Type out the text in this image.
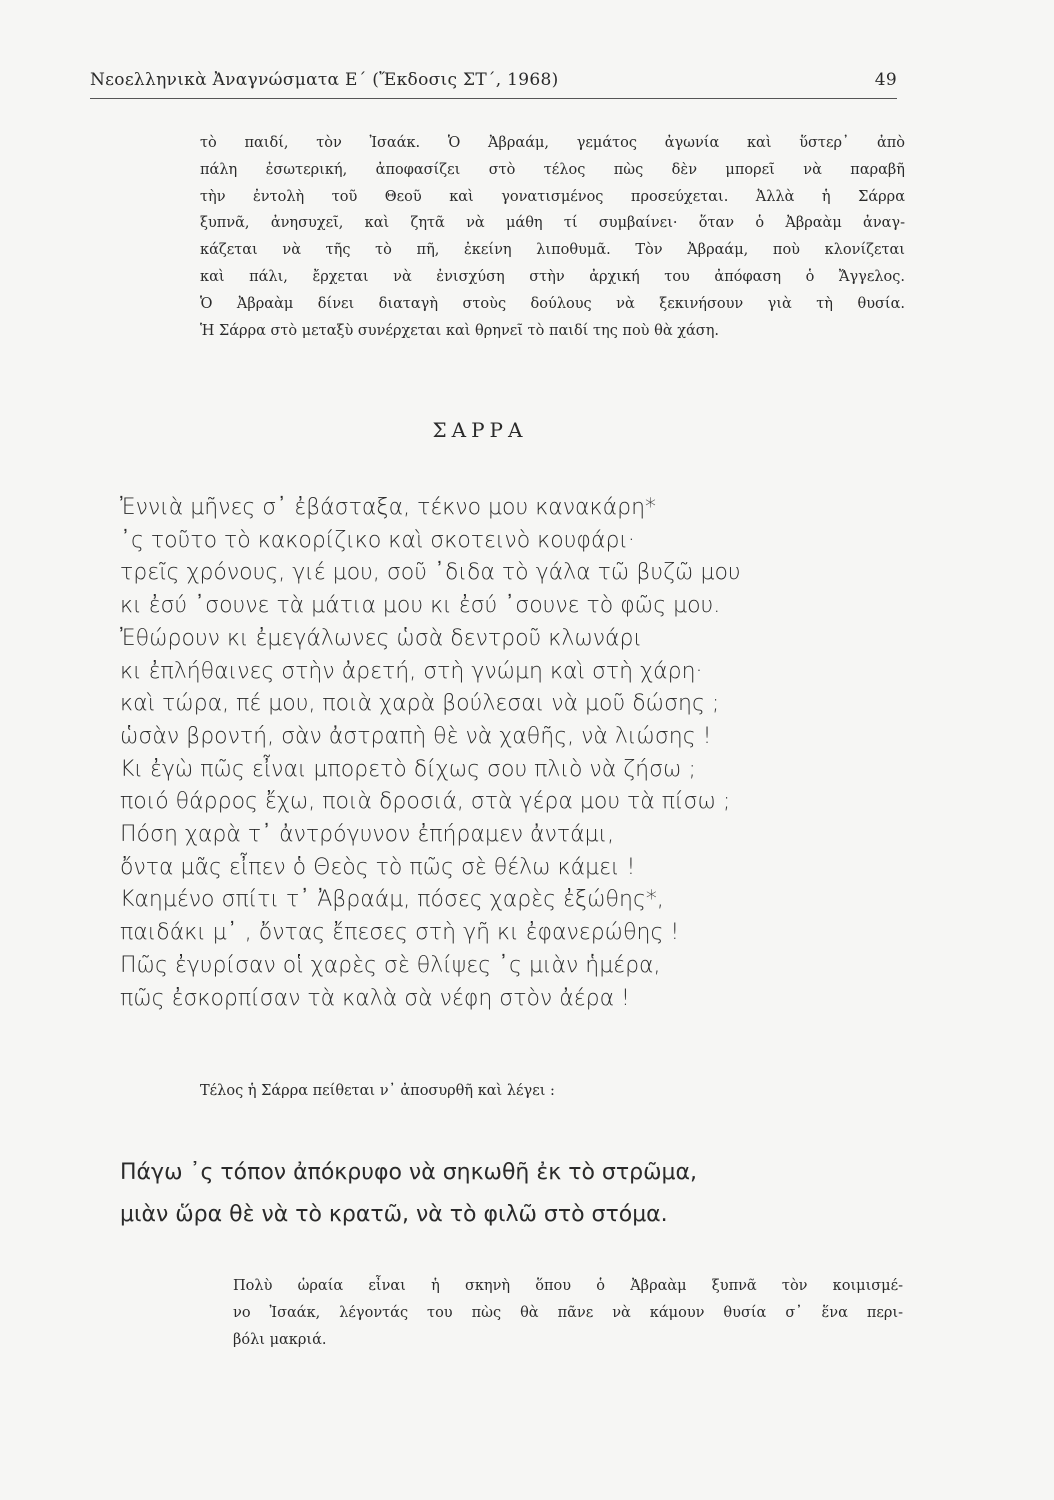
Νεοελληνικὰ Ἀναγνώσματα Ε΄ (Ἔκδοσις ΣΤ΄, 1968)	49
τὸ παιδί, τὸν Ἰσαάκ. Ὁ Ἀβραάμ, γεμάτος ἀγωνία καὶ ὕστερ᾽ ἀπὸ
πάλη ἐσωτερική, ἀποφασίζει στὸ τέλος πὼς δὲν μπορεῖ νὰ παραβῆ
τὴν ἐντολὴ τοῦ Θεοῦ καὶ γονατισμένος προσεύχεται. Ἀλλὰ ἡ Σάρρα
ξυπνᾶ, ἀνησυχεῖ, καὶ ζητᾶ νὰ μάθη τί συμβαίνει· ὅταν ὁ Ἀβραὰμ ἀναγ-
κάζεται νὰ τῆς τὸ πῆ, ἐκείνη λιποθυμᾶ. Τὸν Ἀβραάμ, ποὺ κλονίζεται
καὶ πάλι, ἔρχεται νὰ ἐνισχύση στὴν ἀρχική του ἀπόφαση ὁ Ἄγγελος.
Ὁ Ἀβραὰμ δίνει διαταγὴ στοὺς δούλους νὰ ξεκινήσουν γιὰ τὴ θυσία.
Ἡ Σάρρα στὸ μεταξὺ συνέρχεται καὶ θρηνεῖ τὸ παιδί της ποὺ θὰ χάση.
ΣΑΡΡΑ
Ἐννιὰ μῆνες σ᾽ ἐβάσταξα, τέκνο μου κανακάρη*
᾽ς τοῦτο τὸ κακορίζικο καὶ σκοτεινὸ κουφάρι·
τρεῖς χρόνους, γιέ μου, σοῦ ᾽διδα τὸ γάλα τῶ βυζῶ μου
κι ἐσύ ᾽σουνε τὰ μάτια μου κι ἐσύ ᾽σουνε τὸ φῶς μου.
Ἐθώρουν κι ἐμεγάλωνες ὡσὰ δεντροῦ κλωνάρι
κι ἐπλήθαινες στὴν ἀρετή, στὴ γνώμη καὶ στὴ χάρη·
καὶ τώρα, πέ μου, ποιὰ χαρὰ βούλεσαι νὰ μοῦ δώσης ;
ὡσὰν βροντή, σὰν ἀστραπὴ θὲ νὰ χαθῆς, νὰ λιώσης !
Κι ἐγὼ πῶς εἶναι μπορετὸ δίχως σου πλιὸ νὰ ζήσω ;
ποιό θάρρος ἔχω, ποιὰ δροσιά, στὰ γέρα μου τὰ πίσω ;
Πόση χαρὰ τ᾽ ἀντρόγυνον ἐπήραμεν ἀντάμι,
ὄντα μᾶς εἶπεν ὁ Θεὸς τὸ πῶς σὲ θέλω κάμει !
Καημένο σπίτι τ᾽ Ἀβραάμ, πόσες χαρὲς ἐξώθης*,
παιδάκι μ᾽ , ὄντας ἔπεσες στὴ γῆ κι ἐφανερώθης !
Πῶς ἐγυρίσαν οἱ χαρὲς σὲ θλίψες ᾽ς μιὰν ἡμέρα,
πῶς ἐσκορπίσαν τὰ καλὰ σὰ νέφη στὸν ἀέρα !
Τέλος ἡ Σάρρα πείθεται ν᾽ ἀποσυρθῆ καὶ λέγει :
Πάγω ᾽ς τόπον ἀπόκρυφο νὰ σηκωθῆ ἐκ τὸ στρῶμα,
μιὰν ὥρα θὲ νὰ τὸ κρατῶ, νὰ τὸ φιλῶ στὸ στόμα.
Πολὺ ὡραία εἶναι ἡ σκηνὴ ὅπου ὁ Ἀβραὰμ ξυπνᾶ τὸν κοιμισμέ-
νο Ἰσαάκ, λέγοντάς του πὼς θὰ πᾶνε νὰ κάμουν θυσία σ᾽ ἕνα περι-
βόλι μακριά.
